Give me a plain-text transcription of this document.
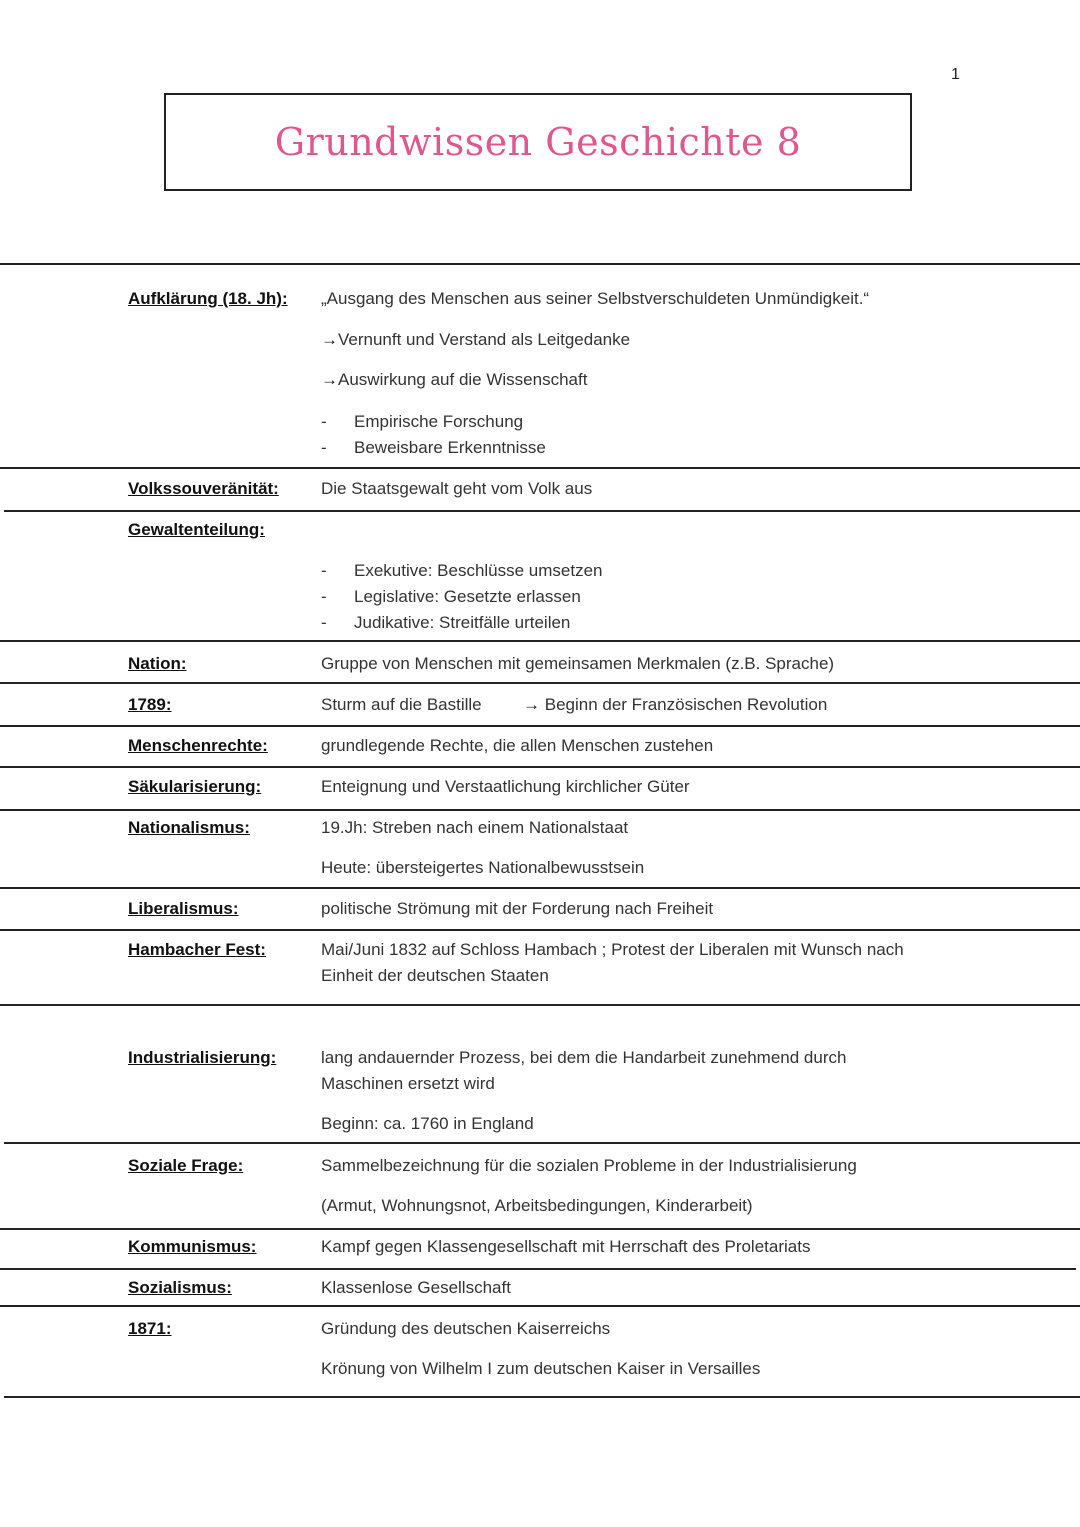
1
Grundwissen Geschichte 8
Aufklärung (18. Jh): „Ausgang des Menschen aus seiner Selbstverschuldeten Unmündigkeit.“
→Vernunft und Verstand als Leitgedanke
→Auswirkung auf die Wissenschaft
- Empirische Forschung
- Beweisbare Erkenntnisse
Volkssouveränität: Die Staatsgewalt geht vom Volk aus
Gewaltenteilung:
- Exekutive: Beschlüsse umsetzen
- Legislative: Gesetzte erlassen
- Judikative: Streitfälle urteilen
Nation:	Gruppe von Menschen mit gemeinsamen Merkmalen (z.B. Sprache)
1789:	Sturm auf die Bastille → Beginn der Französischen Revolution
Menschenrechte:	grundlegende Rechte, die allen Menschen zustehen
Säkularisierung:	Enteignung und Verstaatlichung kirchlicher Güter
Nationalismus:	19.Jh: Streben nach einem Nationalstaat
Heute: übersteigertes Nationalbewusstsein
Liberalismus:	politische Strömung mit der Forderung nach Freiheit
Hambacher Fest:	Mai/Juni 1832 auf Schloss Hambach ; Protest der Liberalen mit Wunsch nach
Einheit der deutschen Staaten
Industrialisierung:	lang andauernder Prozess, bei dem die Handarbeit zunehmend durch
Maschinen ersetzt wird
Beginn: ca. 1760 in England
Soziale Frage:	Sammelbezeichnung für die sozialen Probleme in der Industrialisierung
(Armut, Wohnungsnot, Arbeitsbedingungen, Kinderarbeit)
Kommunismus:	Kampf gegen Klassengesellschaft mit Herrschaft des Proletariats
Sozialismus:	Klassenlose Gesellschaft
1871:	Gründung des deutschen Kaiserreichs
Krönung von Wilhelm I zum deutschen Kaiser in Versailles
